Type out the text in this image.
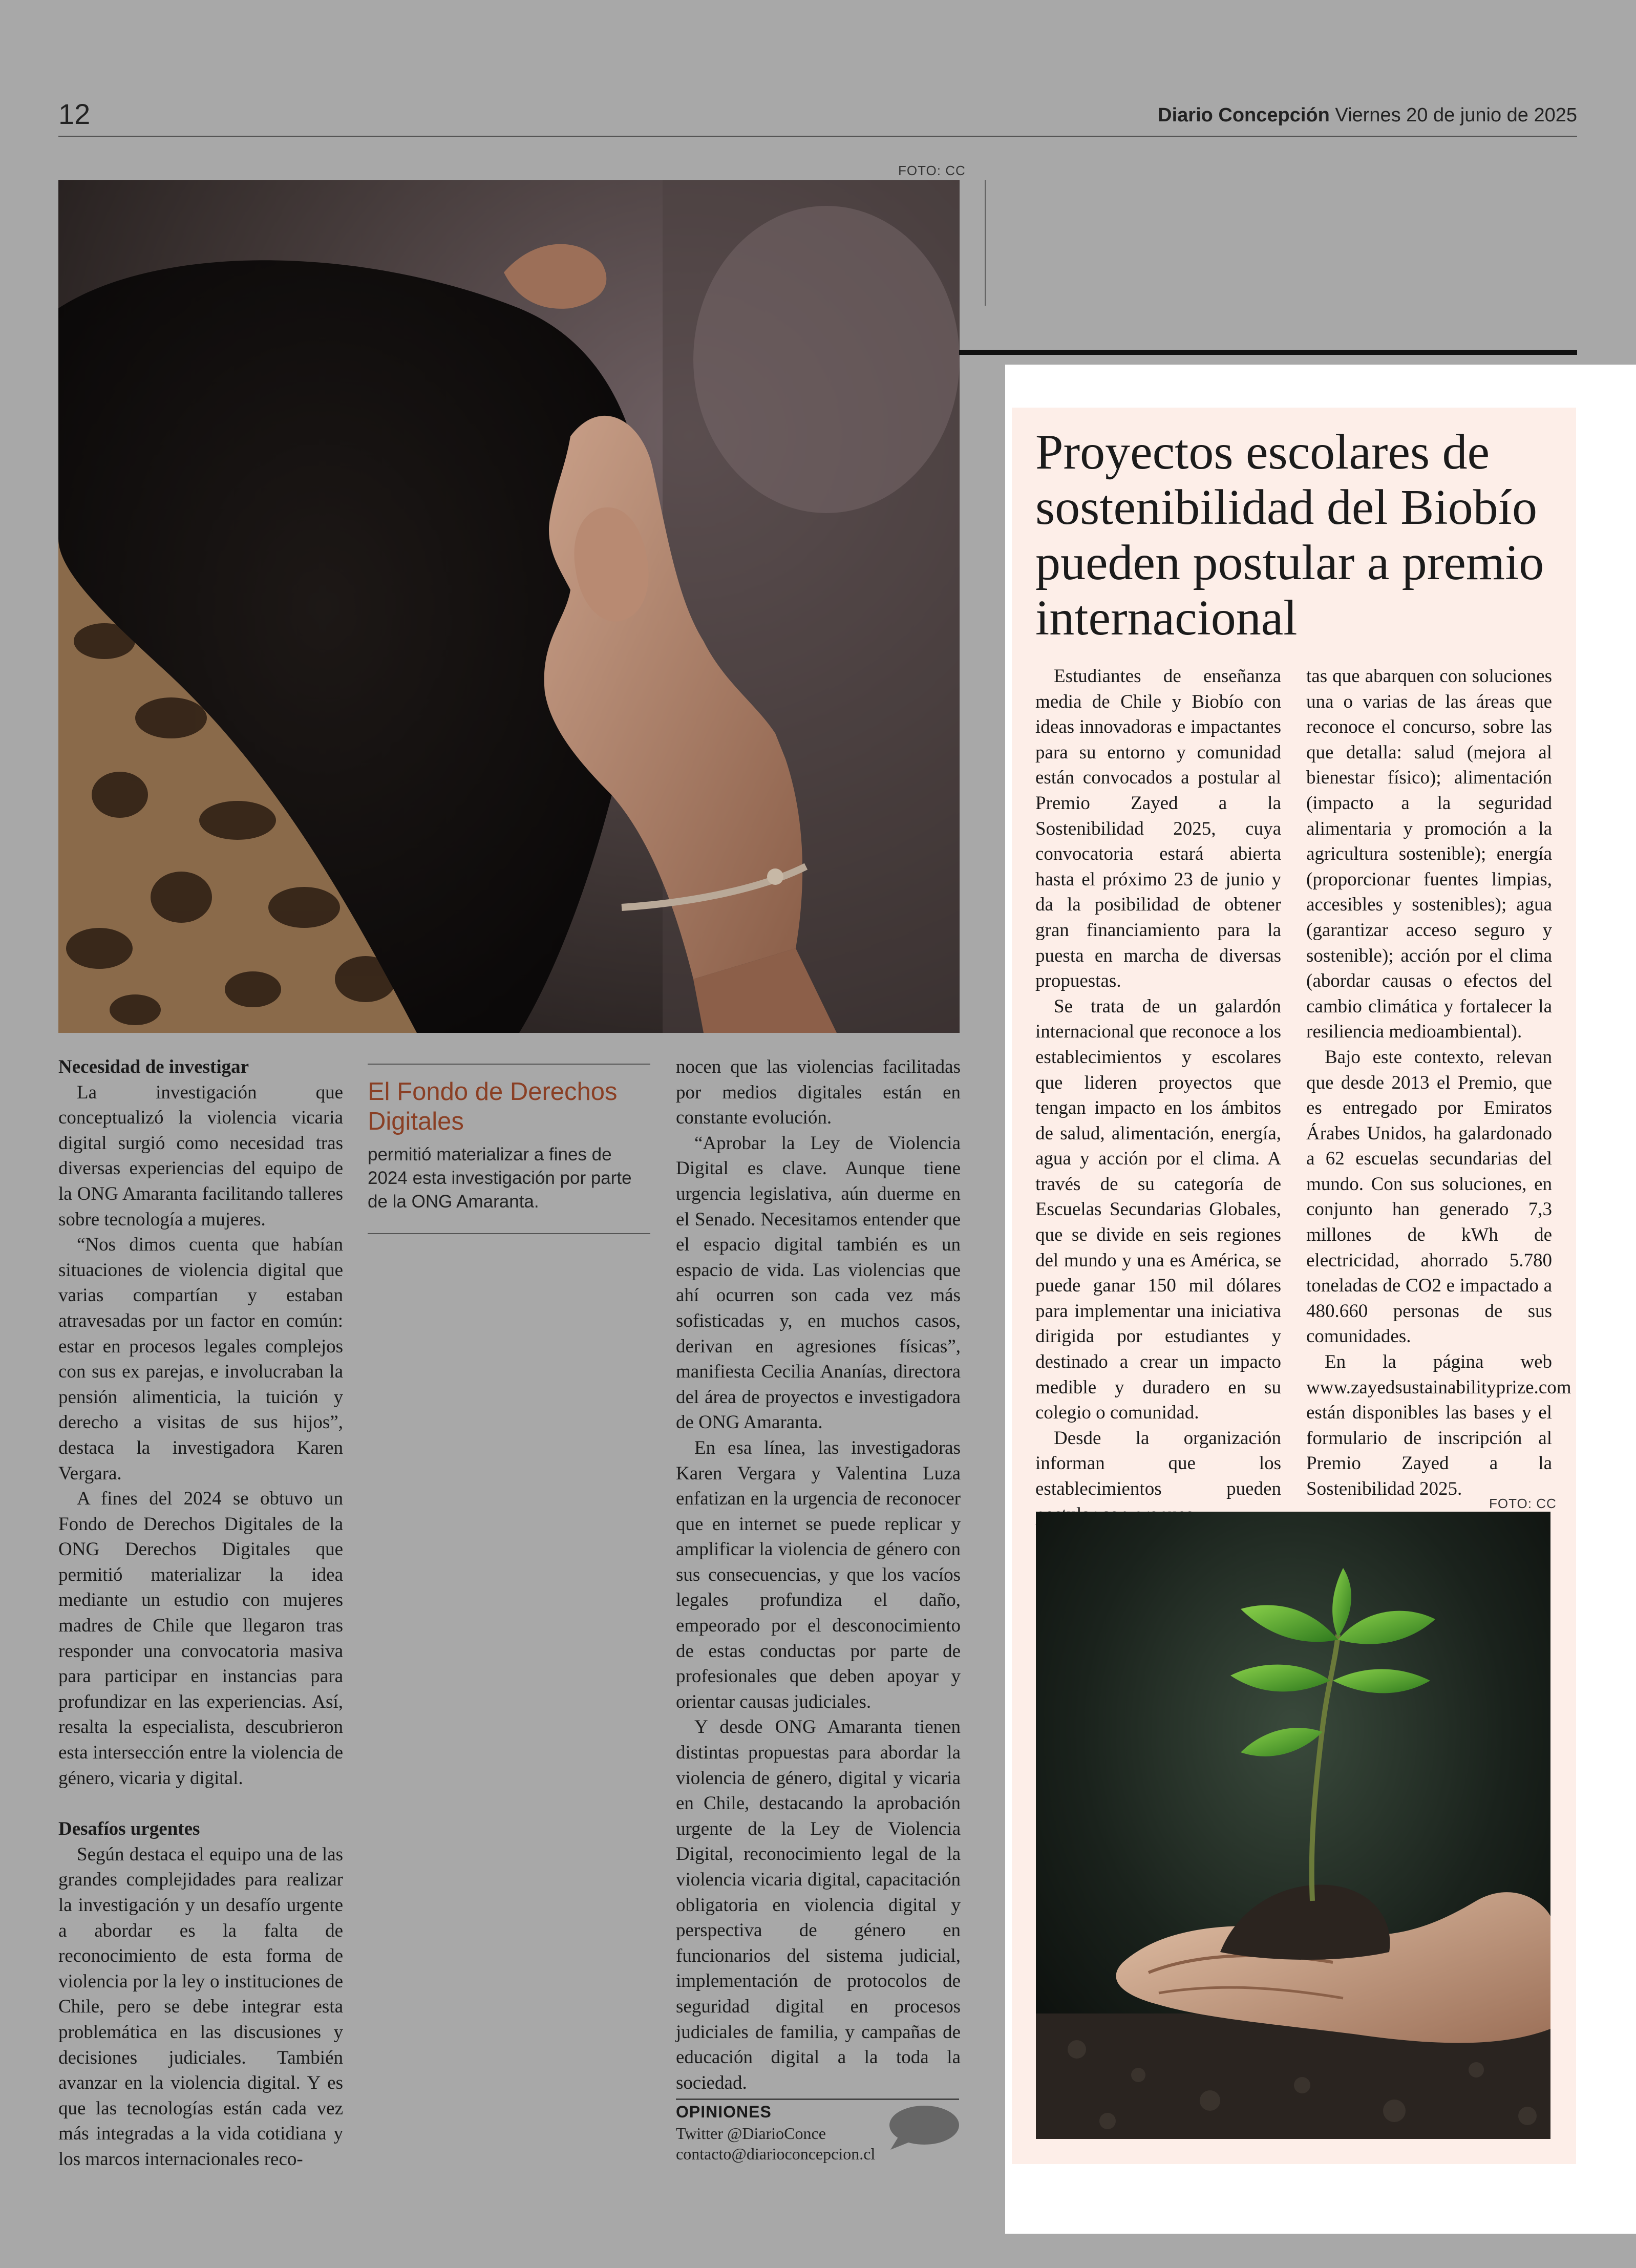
12	Diario Concepción Viernes 20 de junio de 2025
FOTO: CC
Necesidad de investigar

La investigación que conceptualizó la violencia vicaria digital surgió como necesidad tras diversas experiencias del equipo de la ONG Amaranta facilitando talleres sobre tecnología a mujeres.

“Nos dimos cuenta que habían situaciones de violencia digital que varias compartían y estaban atravesadas por un factor en común: estar en procesos legales complejos con sus ex parejas, e involucraban la pensión alimenticia, la tuición y derecho a visitas de sus hijos”, destaca la investigadora Karen Vergara.

A fines del 2024 se obtuvo un Fondo de Derechos Digitales de la ONG Derechos Digitales que permitió materializar la idea mediante un estudio con mujeres madres de Chile que llegaron tras responder una convocatoria masiva para participar en instancias para profundizar en las experiencias. Así, resalta la especialista, descubrieron esta intersección entre la violencia de género, vicaria y digital.

Desafíos urgentes

Según destaca el equipo una de las grandes complejidades para realizar la investigación y un desafío urgente a abordar es la falta de reconocimiento de esta forma de violencia por la ley o instituciones de Chile, pero se debe integrar esta problemática en las discusiones y decisiones judiciales. También avanzar en la violencia digital. Y es que las tecnologías están cada vez más integradas a la vida cotidiana y los marcos internacionales reco-

El Fondo de Derechos Digitales
permitió materializar a fines de 2024 esta investigación por parte de la ONG Amaranta.

nocen que las violencias facilitadas por medios digitales están en constante evolución.

“Aprobar la Ley de Violencia Digital es clave. Aunque tiene urgencia legislativa, aún duerme en el Senado. Necesitamos entender que el espacio digital también es un espacio de vida. Las violencias que ahí ocurren son cada vez más sofisticadas y, en muchos casos, derivan en agresiones físicas”, manifiesta Cecilia Ananías, directora del área de proyectos e investigadora de ONG Amaranta.

En esa línea, las investigadoras Karen Vergara y Valentina Luza enfatizan en la urgencia de reconocer que en internet se puede replicar y amplificar la violencia de género con sus consecuencias, y que los vacíos legales profundiza el daño, empeorado por el desconocimiento de estas conductas por parte de profesionales que deben apoyar y orientar causas judiciales.

Y desde ONG Amaranta tienen distintas propuestas para abordar la violencia de género, digital y vicaria en Chile, destacando la aprobación urgente de la Ley de Violencia Digital, reconocimiento legal de la violencia vicaria digital, capacitación obligatoria en violencia digital y perspectiva de género en funcionarios del sistema judicial, implementación de protocolos de seguridad digital en procesos judiciales de familia, y campañas de educación digital a la toda la sociedad.

OPINIONES
Twitter @DiarioConce
contacto@diarioconcepcion.cl
Proyectos escolares de sostenibilidad del Biobío pueden postular a premio internacional

Estudiantes de enseñanza media de Chile y Biobío con ideas innovadoras e impactantes para su entorno y comunidad están convocados a postular al Premio Zayed a la Sostenibilidad 2025, cuya convocatoria estará abierta hasta el próximo 23 de junio y da la posibilidad de obtener gran financiamiento para la puesta en marcha de diversas propuestas.

Se trata de un galardón internacional que reconoce a los establecimientos y escolares que lideren proyectos que tengan impacto en los ámbitos de salud, alimentación, energía, agua y acción por el clima. A través de su categoría de Escuelas Secundarias Globales, que se divide en seis regiones del mundo y una es América, se puede ganar 150 mil dólares para implementar una iniciativa dirigida por estudiantes y destinado a crear un impacto medible y duradero en su colegio o comunidad.

Desde la organización informan que los establecimientos pueden

tas que abarquen con soluciones una o varias de las áreas que reconoce el concurso, sobre las que detalla: salud (mejora al bienestar físico); alimentación (impacto a la seguridad alimentaria y promoción a la agricultura sostenible); energía (proporcionar fuentes limpias, accesibles y sostenibles); agua (garantizar acceso seguro y sostenible); acción por el clima (abordar causas o efectos del cambio climática y fortalecer la resiliencia medioambiental).

Bajo este contexto, relevan que desde 2013 el Premio, que es entregado por Emiratos Árabes Unidos, ha galardonado a 62 escuelas secundarias del mundo. Con sus soluciones, en conjunto han generado 7,3 millones de kWh de electricidad, ahorrado 5.780 toneladas de CO2 e impactado a 480.660 personas de sus comunidades.

En la página web www.zayedsustainabilityprize.com están disponibles las bases y el formulario de inscripción al Premio Zayed a la Sostenibilidad 2025.

FOTO: CC
